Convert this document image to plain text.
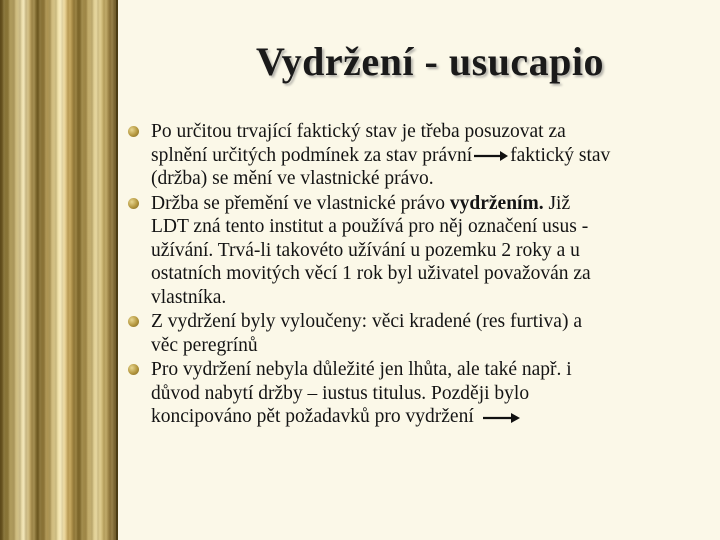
Vydržení - usucapio
Po určitou trvající faktický stav je třeba posuzovat za
splnění určitých podmínek za stav právní faktický stav
(držba) se mění ve vlastnické právo.
Držba se přemění ve vlastnické právo vydržením. Již
LDT zná tento institut a používá pro něj označení usus -
užívání. Trvá-li takovéto užívání u pozemku 2 roky a u
ostatních movitých věcí 1 rok byl uživatel považován za
vlastníka.
Z vydržení byly vyloučeny: věci kradené (res furtiva) a
věc peregrínů
Pro vydržení nebyla důležité jen lhůta, ale také např. i
důvod nabytí držby – iustus titulus. Později bylo
koncipováno pět požadavků pro vydržení
